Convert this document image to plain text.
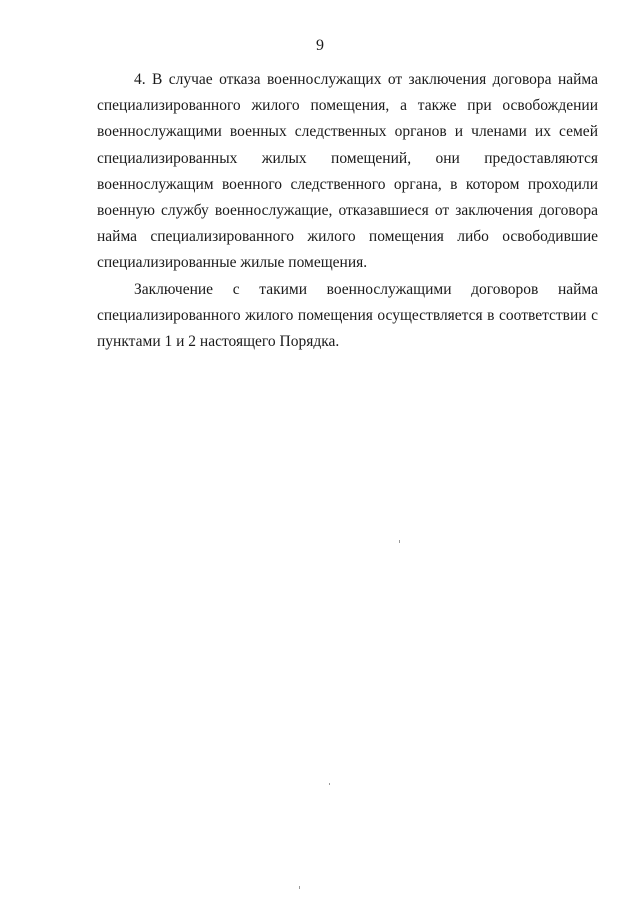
9

4. В случае отказа военнослужащих от заключения договора найма
специализированного жилого помещения, а также при освобождении
военнослужащими военных следственных органов и членами их семей
специализированных жилых помещений, они предоставляются
военнослужащим военного следственного органа, в котором проходили
военную службу военнослужащие, отказавшиеся от заключения договора
найма специализированного жилого помещения либо освободившие
специализированные жилые помещения.

Заключение с такими военнослужащими договоров найма
специализированного жилого помещения осуществляется в соответствии с
пунктами 1 и 2 настоящего Порядка.
